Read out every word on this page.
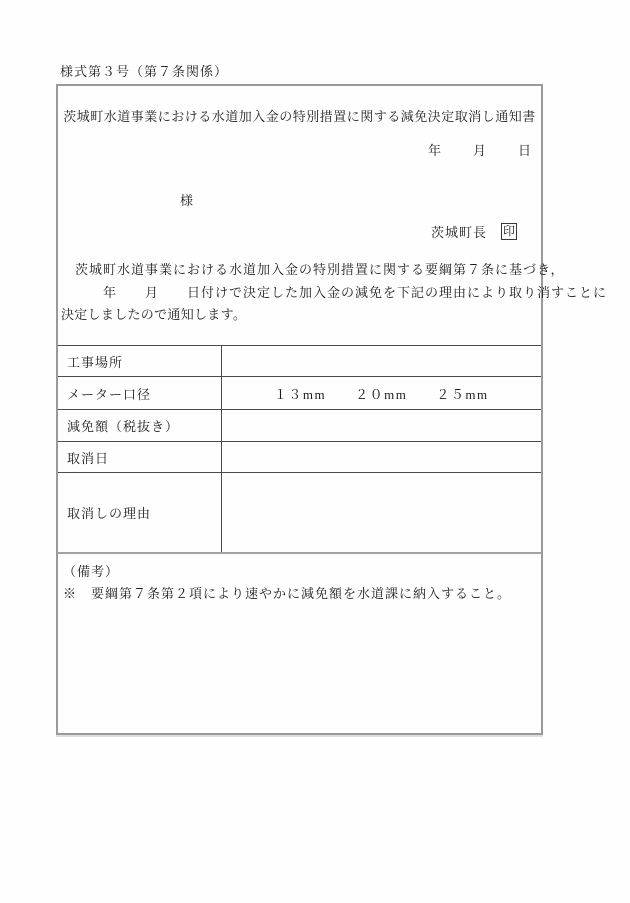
様式第３号（第７条関係）
茨城町水道事業における水道加入金の特別措置に関する減免決定取消し通知書
年　　月　　日
様
茨城町長 印
　茨城町水道事業における水道加入金の特別措置に関する要綱第７条に基づき，
　　　年　　月　　日付けで決定した加入金の減免を下記の理由により取り消すことに
決定しましたので通知します。
工事場所	
メーター口径	１３mm　　２０mm　　２５mm
減免額（税抜き）	
取消日	
取消しの理由	
（備考）
※　要綱第７条第２項により速やかに減免額を水道課に納入すること。
